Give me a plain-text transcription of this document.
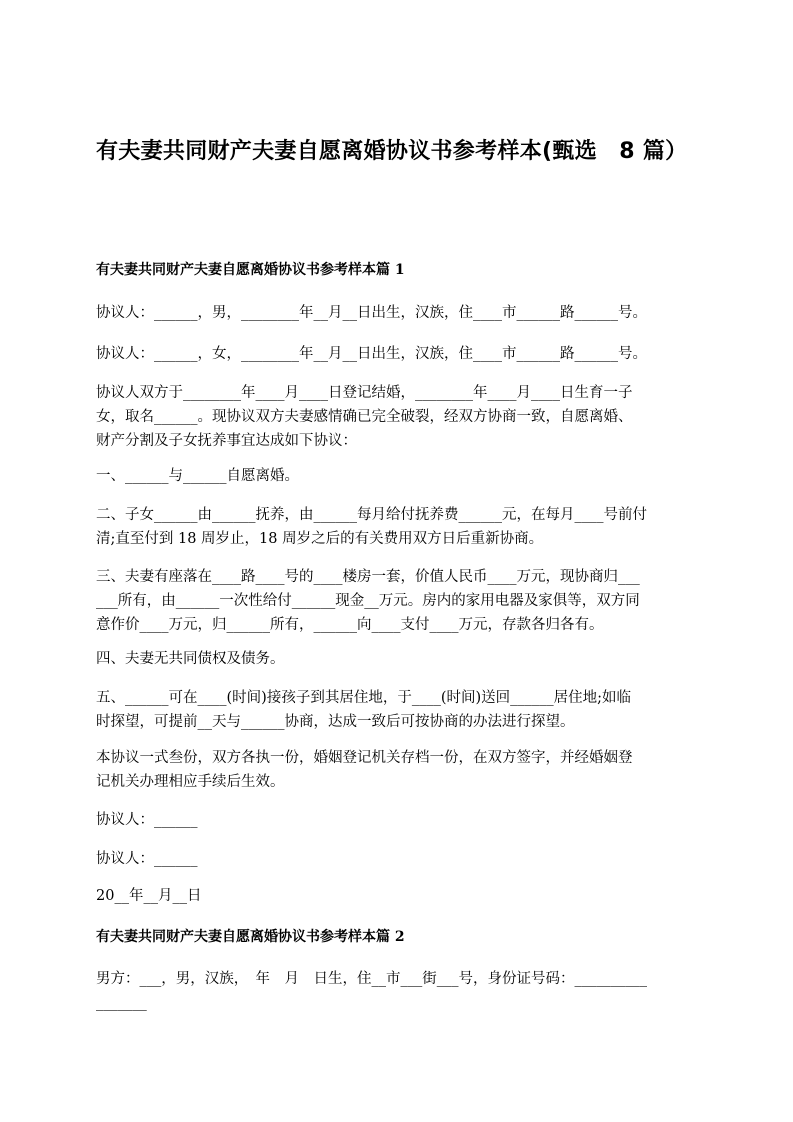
有夫妻共同财产夫妻自愿离婚协议书参考样本(甄选　8 篇）
有夫妻共同财产夫妻自愿离婚协议书参考样本篇 1
协议人：______，男，________年__月__日出生，汉族，住____市______路______号。
协议人：______，女，________年__月__日出生，汉族，住____市______路______号。
协议人双方于________年____月____日登记结婚，________年____月____日生育一子
女，取名______。现协议双方夫妻感情确已完全破裂，经双方协商一致，自愿离婚、
财产分割及子女抚养事宜达成如下协议：
一、______与______自愿离婚。
二、子女______由______抚养，由______每月给付抚养费______元，在每月____号前付
清;直至付到 18 周岁止，18 周岁之后的有关费用双方日后重新协商。
三、夫妻有座落在____路____号的____楼房一套，价值人民币____万元，现协商归___
___所有，由______一次性给付______现金__万元。房内的家用电器及家俱等，双方同
意作价____万元，归______所有，______向____支付____万元，存款各归各有。
四、夫妻无共同债权及债务。
五、______可在____(时间)接孩子到其居住地，于____(时间)送回______居住地;如临
时探望，可提前__天与______协商，达成一致后可按协商的办法进行探望。
本协议一式叁份，双方各执一份，婚姻登记机关存档一份，在双方签字，并经婚姻登
记机关办理相应手续后生效。
协议人：______
协议人：______
20__年__月__日
有夫妻共同财产夫妻自愿离婚协议书参考样本篇 2
男方：___，男，汉族，　年　月　日生，住__市___街___号，身份证号码：__________
_______
